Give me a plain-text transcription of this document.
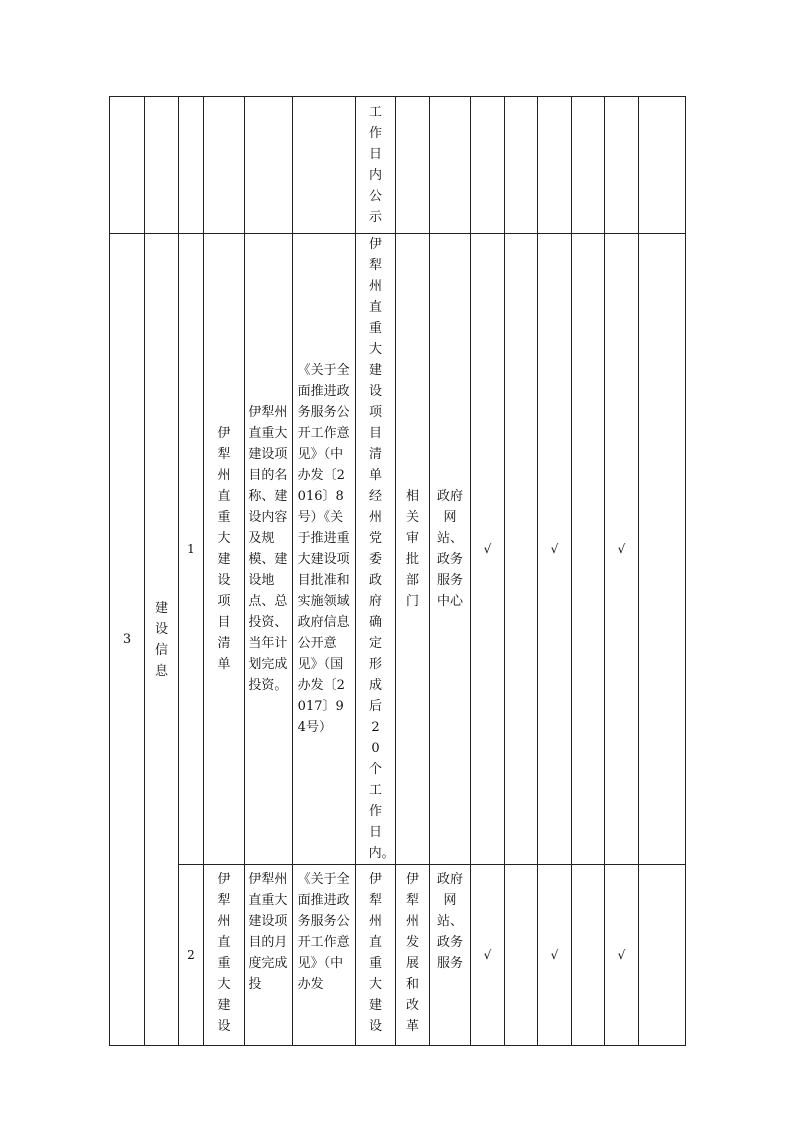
						工作日内公示								
3	建设信息	1	伊犁州直重大建设项目清单	伊犁州直重大建设项目的名称、建设内容及规模、建设地点、总投资、当年计划完成投资。	《关于全面推进政务服务公开工作意见》（中办发〔2016〕8号）《关于推进重大建设项目批准和实施领域政府信息公开意见》（国办发〔2017〕94号）	伊犁州直重大建设项目清单经州党委政府确定形成后20个工作日内。	相关审批部门	政府网站、政务服务中心	√		√		√	
		2	伊犁州直重大建设	伊犁州直重大建设项目的月度完成投	《关于全面推进政务服务公开工作意见》（中办发	伊犁州直重大建设	伊犁州发展和改革	政府网站、政务服务	√		√		√	
